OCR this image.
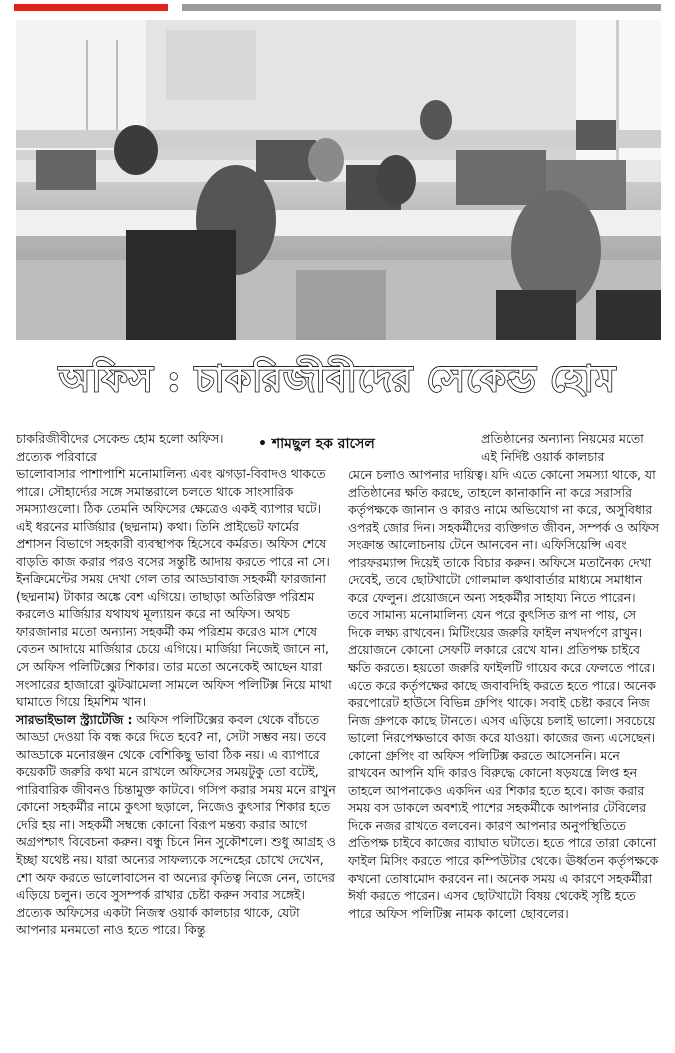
অফিস : চাকরিজীবীদের সেকেন্ড হোম
চাকরিজীবীদের সেকেন্ড হোম হলো অফিস। প্রত্যেক পরিবারে
• শামছুল হক রাসেল	প্রতিষ্ঠানের অন্যান্য নিয়মের মতো এই নির্দিষ্ট ওয়ার্ক কালচার

ভালোবাসার পাশাপাশি মনোমালিন্য এবং ঝগড়া-বিবাদও থাকতে পারে। সৌহার্দ্যের সঙ্গে সমান্তরালে চলতে থাকে সাংসারিক সমস্যাগুলো। ঠিক তেমনি অফিসের ক্ষেত্রেও একই ব্যাপার ঘটে। এই ধরনের মার্জিয়ার (ছদ্মনাম) কথা। তিনি প্রাইভেট ফার্মের প্রশাসন বিভাগে সহকারী ব্যবস্থাপক হিসেবে কর্মরত। অফিস শেষে বাড়তি কাজ করার পরও বসের সন্তুষ্টি আদায় করতে পারে না সে। ইনক্রিমেন্টের সময় দেখা গেল তার আড্ডাবাজ সহকর্মী ফারজানা (ছদ্মনাম) টাকার অঙ্কে বেশ এগিয়ে। তাছাড়া অতিরিক্ত পরিশ্রম করলেও মার্জিয়ার যথাযথ মূল্যায়ন করে না অফিস। অথচ ফারজানার মতো অন্যান্য সহকর্মী কম পরিশ্রম করেও মাস শেষে বেতন আদায়ে মার্জিয়ার চেয়ে এগিয়ে। মার্জিয়া নিজেই জানে না, সে অফিস পলিটিক্সের শিকার। তার মতো অনেকেই আছেন যারা সংসারের হাজারো ঝুটঝামেলা সামলে অফিস পলিটিক্স নিয়ে মাথা ঘামাতে গিয়ে হিমশিম খান।

সারভাইভাল স্ট্র্যাটেজি : অফিস পলিটিক্সের কবল থেকে বাঁচতে আড্ডা দেওয়া কি বন্ধ করে দিতে হবে? না, সেটা সম্ভব নয়। তবে আড্ডাকে মনোরঞ্জন থেকে বেশিকিছু ভাবা ঠিক নয়। এ ব্যাপারে কয়েকটি জরুরি কথা মনে রাখলে অফিসের সময়টুকু তো বটেই, পারিবারিক জীবনও চিন্তামুক্ত কাটবে। গসিপ করার সময় মনে রাখুন কোনো সহকর্মীর নামে কুৎসা ছড়ালে, নিজেও কুৎসার শিকার হতে দেরি হয় না। সহকর্মী সম্বন্ধে কোনো বিরূপ মন্তব্য করার আগে অগ্রপশ্চাৎ বিবেচনা করুন। বন্ধু চিনে নিন সুকৌশলে। শুধু আগ্রহ ও ইচ্ছা যথেষ্ট নয়। যারা অন্যের সাফল্যকে সন্দেহের চোখে দেখেন, শো অফ করতে ভালোবাসেন বা অন্যের কৃতিত্ব নিজে নেন, তাদের এড়িয়ে চলুন। তবে সুসম্পর্ক রাখার চেষ্টা করুন সবার সঙ্গেই। প্রত্যেক অফিসের একটা নিজস্ব ওয়ার্ক কালচার থাকে, যেটা আপনার মনমতো নাও হতে পারে। কিন্তু

মেনে চলাও আপনার দায়িত্ব। যদি এতে কোনো সমস্যা থাকে, যা প্রতিষ্ঠানের ক্ষতি করছে, তাহলে কানাকানি না করে সরাসরি কর্তৃপক্ষকে জানান ও কারও নামে অভিযোগ না করে, অসুবিধার ওপরই জোর দিন। সহকর্মীদের ব্যক্তিগত জীবন, সম্পর্ক ও অফিস সংক্রান্ত আলোচনায় টেনে আনবেন না। এফিসিয়েন্সি এবং পারফরম্যান্স দিয়েই তাকে বিচার করুন। অফিসে মতানৈক্য দেখা দেবেই, তবে ছোটখাটো গোলমাল কথাবার্তার মাধ্যমে সমাধান করে ফেলুন। প্রয়োজনে অন্য সহকর্মীর সাহায্য নিতে পারেন। তবে সামান্য মনোমালিন্য যেন পরে কুৎসিত রূপ না পায়, সে দিকে লক্ষ্য রাখবেন। মিটিংয়ের জরুরি ফাইল নখদর্পণে রাখুন। প্রয়োজনে কোনো সেফটি লকারে রেখে যান। প্রতিপক্ষ চাইবে ক্ষতি করতে। হয়তো জরুরি ফাইলটি গায়েব করে ফেলতে পারে। এতে করে কর্তৃপক্ষের কাছে জবাবদিহি করতে হতে পারে। অনেক করপোরেট হাউসে বিভিন্ন গ্রুপিং থাকে। সবাই চেষ্টা করবে নিজ নিজ গ্রুপকে কাছে টানতে। এসব এড়িয়ে চলাই ভালো। সবচেয়ে ভালো নিরপেক্ষভাবে কাজ করে যাওয়া। কাজের জন্য এসেছেন। কোনো গ্রুপিং বা অফিস পলিটিক্স করতে আসেননি। মনে রাখবেন আপনি যদি কারও বিরুদ্ধে কোনো ষড়যন্ত্রে লিপ্ত হন তাহলে আপনাকেও একদিন এর শিকার হতে হবে। কাজ করার সময় বস ডাকলে অবশ্যই পাশের সহকর্মীকে আপনার টেবিলের দিকে নজর রাখতে বলবেন। কারণ আপনার অনুপস্থিতিতে প্রতিপক্ষ চাইবে কাজের ব্যাঘাত ঘটাতে। হতে পারে তারা কোনো ফাইল মিসিং করতে পারে কম্পিউটার থেকে। ঊর্ধ্বতন কর্তৃপক্ষকে কখনো তোষামোদ করবেন না। অনেক সময় এ কারণে সহকর্মীরা ঈর্ষা করতে পারেন। এসব ছোটখাটো বিষয় থেকেই সৃষ্টি হতে পারে অফিস পলিটিক্স নামক কালো ছোবলের।
